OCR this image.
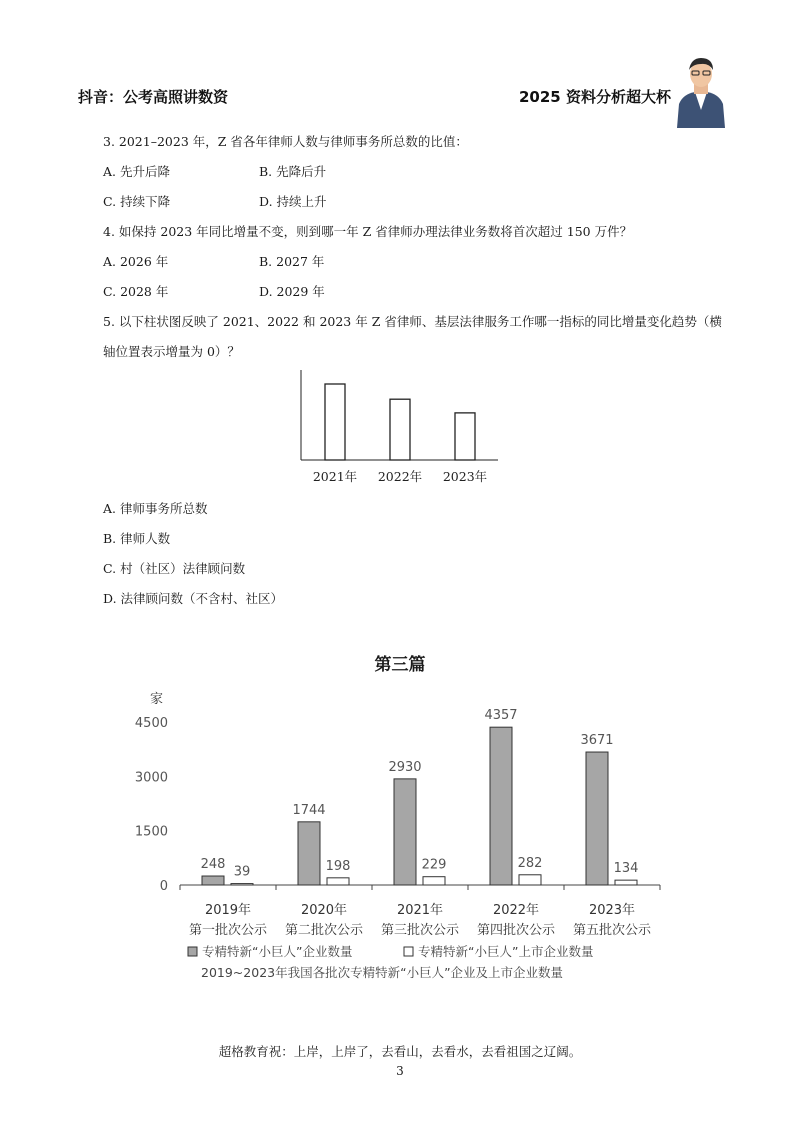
抖音：公考高照讲数资	2025 资料分析超大杯
3. 2021–2023 年，Z 省各年律师人数与律师事务所总数的比值：
A. 先升后降	B. 先降后升
C. 持续下降	D. 持续上升
4. 如保持 2023 年同比增量不变，则到哪一年 Z 省律师办理法律业务数将首次超过 150 万件？
A. 2026 年	B. 2027 年
C. 2028 年	D. 2029 年
5. 以下柱状图反映了 2021、2022 和 2023 年 Z 省律师、基层法律服务工作哪一指标的同比增量变化趋势（横
轴位置表示增量为 0）？
2021年 2022年 2023年
A. 律师事务所总数
B. 律师人数
C. 村（社区）法律顾问数
D. 法律顾问数（不含村、社区）
第三篇
家
0
1500
3000
4500
248
39
2019年
第一批次公示
1744
198
2020年
第二批次公示
2930
229
2021年
第三批次公示
4357
282
2022年
第四批次公示
3671
134
2023年
第五批次公示
专精特新“小巨人”企业数量	专精特新“小巨人”上市企业数量
2019~2023年我国各批次专精特新“小巨人”企业及上市企业数量
超格教育祝：上岸，上岸了，去看山，去看水，去看祖国之辽阔。
3
